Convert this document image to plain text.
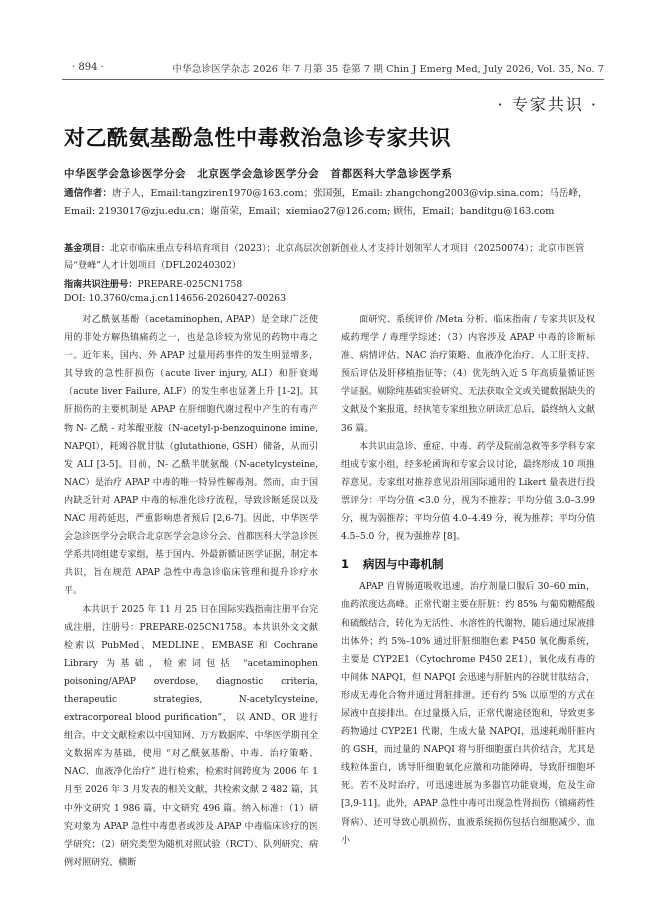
· 894 ·	中华急诊医学杂志 2026 年 7 月第 35 卷第 7 期 Chin J Emerg Med, July 2026, Vol. 35, No. 7
· 专家共识 ·
对乙酰氨基酚急性中毒救治急诊专家共识
中华医学会急诊医学分会　北京医学会急诊医学分会　首都医科大学急诊医学系
通信作者：唐子人，Email:tangziren1970@163.com；张国强，Email: zhangchong2003@vip.sina.com；马岳峰，Email: 2193017@zju.edu.cn；谢苗荣，Email；xiemiao27@126.com; 顾伟，Email；banditgu@163.com
基金项目：北京市临床重点专科培育项目（2023）；北京高层次创新创业人才支持计划领军人才项目（20250074）；北京市医管局“登峰”人才计划项目（DFL20240302）
指南共识注册号：PREPARE-025CN1758
DOI: 10.3760/cma.j.cn114656-20260427-00263

对乙酰氨基酚（acetaminophen, APAP）是全球广泛使用的非处方解热镇痛药之一，也是急诊较为常见的药物中毒之一。近年来，国内、外 APAP 过量用药事件的发生明显增多，其导致的急性肝损伤（acute liver injury, ALI）和肝衰竭（acute liver Failure, ALF）的发生率也显著上升 [1-2]。其肝损伤的主要机制是 APAP 在肝细胞代谢过程中产生的有毒产物 N- 乙酰 - 对苯醌亚胺（N-acetyl-p-benzoquinone imine, NAPQI），耗竭谷胱甘肽（glutathione, GSH）储备，从而引发 ALI [3-5]。目前，N- 乙酰半胱氨酸（N-acetylcysteine, NAC）是治疗 APAP 中毒的唯一特异性解毒剂。然而，由于国内缺乏针对 APAP 中毒的标准化诊疗流程，导致诊断延误以及 NAC 用药延迟，严重影响患者预后 [2,6-7]。因此，中华医学会急诊医学分会联合北京医学会急诊分会、首都医科大学急诊医学系共同组建专家组，基于国内、外最新循证医学证据，制定本共识，旨在规范 APAP 急性中毒急诊临床管理和提升诊疗水平。

本共识于 2025 年 11 月 25 日在国际实践指南注册平台完成注册，注册号：PREPARE-025CN1758。本共识外文文献检索以 PubMed、MEDLINE、EMBASE 和 Cochrane Library 为基础，检索词包括 “acetaminophen poisoning/APAP overdose, diagnostic criteria, therapeutic strategies, N-acetylcysteine, extracorporeal blood purification”， 以 AND、OR 进行组合。中文文献检索以中国知网、万方数据库、中华医学期刊全文数据库为基础，使用 “对乙酰氨基酚、中毒、治疗策略、NAC、血液净化治疗” 进行检索，检索时间跨度为 2006 年 1 月至 2026 年 3 月发表的相关文献，共检索文献 2 482 篇，其中外文研究 1 986 篇，中文研究 496 篇。纳入标准：（1）研究对象为 APAP 急性中毒患者或涉及 APAP 中毒临床诊疗的医学研究；（2）研究类型为随机对照试验（RCT）、队列研究、病例对照研究、横断

面研究、系统评价 /Meta 分析、临床指南 / 专家共识及权威药理学 / 毒理学综述；（3）内容涉及 APAP 中毒的诊断标准、病情评估、NAC 治疗策略、血液净化治疗、人工肝支持、预后评估及肝移植指征等；（4）优先纳入近 5 年高质量循证医学证据。剔除纯基础实验研究、无法获取全文或关键数据缺失的文献及个案报道，经执笔专家组独立研读汇总后，最终纳入文献 36 篇。

本共识由急诊、重症、中毒、药学及院前急救等多学科专家组成专家小组，经多轮函询和专家会议讨论，最终形成 10 项推荐意见。专家组对推荐意见沿用国际通用的 Likert 量表进行投票评分：平均分值 <3.0 分，视为不推荐；平均分值 3.0–3.99 分，视为弱推荐；平均分值 4.0–4.49 分，视为推荐；平均分值 4.5–5.0 分，视为强推荐 [8]。

1 病因与中毒机制

APAP 自胃肠道吸收迅速，治疗剂量口服后 30–60 min，血药浓度达高峰。正常代谢主要在肝脏：约 85% 与葡萄糖醛酸和硫酸结合，转化为无活性、水溶性的代谢物，随后通过尿液排出体外；约 5%–10% 通过肝脏细胞色素 P450 氧化酶系统，主要是 CYP2E1（Cytochrome P450 2E1），氧化成有毒的中间体 NAPQI，但 NAPQI 会迅速与肝脏内的谷胱甘肽结合，形成无毒化合物并通过肾脏排泄。还有约 5% 以原型的方式在尿液中直接排出。在过量摄入后，正常代谢途径饱和，导致更多药物通过 CYP2E1 代谢，生成大量 NAPQI，迅速耗竭肝脏内的 GSH，而过量的 NAPQI 将与肝细胞蛋白共价结合，尤其是线粒体蛋白，诱导肝细胞氧化应激和功能障碍，导致肝细胞坏死。若不及时治疗，可迅速进展为多器官功能衰竭，危及生命 [3,9-11]。此外，APAP 急性中毒可出现急性肾损伤（镇痛药性肾病）、还可导致心肌损伤、血液系统损伤包括白细胞减少、血小
